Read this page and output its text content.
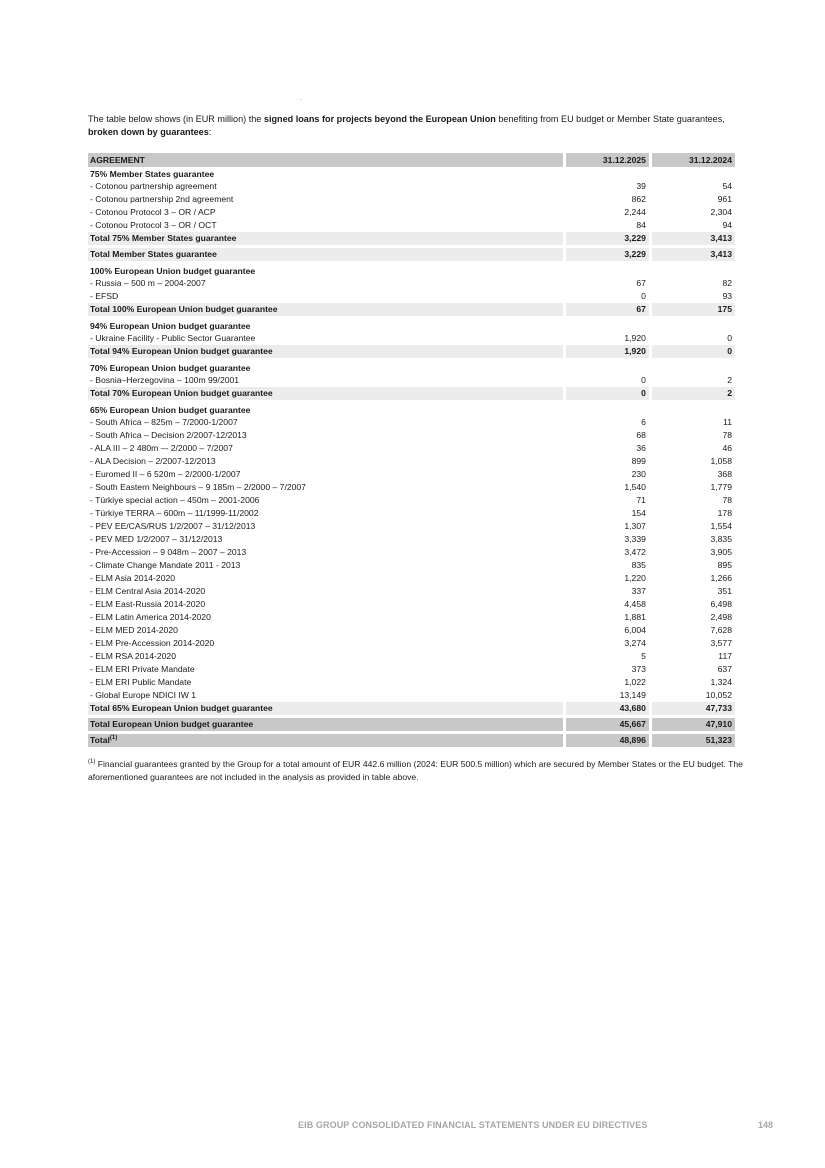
.
The table below shows (in EUR million) the signed loans for projects beyond the European Union benefiting from EU budget or Member State guarantees, broken down by guarantees:
AGREEMENT		31.12.2025		31.12.2024
75% Member States guarantee				
- Cotonou partnership agreement		39		54
- Cotonou partnership 2nd agreement		862		961
- Cotonou Protocol 3 – OR / ACP		2,244		2,304
- Cotonou Protocol 3 – OR / OCT		84		94
Total 75% Member States guarantee		3,229		3,413

Total Member States guarantee		3,229		3,413

100% European Union budget guarantee				
- Russia – 500 m – 2004-2007		67		82
- EFSD		0		93
Total 100% European Union budget guarantee		67		175

94% European Union budget guarantee				
- Ukraine Facility - Public Sector Guarantee		1,920		0
Total 94% European Union budget guarantee		1,920		0

70% European Union budget guarantee				
- Bosnia–Herzegovina – 100m 99/2001		0		2
Total 70% European Union budget guarantee		0		2

65% European Union budget guarantee				
- South Africa – 825m – 7/2000-1/2007		6		11
- South Africa – Decision 2/2007-12/2013		68		78
- ALA III – 2 480m –- 2/2000 – 7/2007		36		46
- ALA Decision – 2/2007-12/2013		899		1,058
- Euromed II – 6 520m – 2/2000-1/2007		230		368
- South Eastern Neighbours – 9 185m – 2/2000 – 7/2007		1,540		1,779
- Türkiye special action – 450m – 2001-2006		71		78
- Türkiye TERRA – 600m – 11/1999-11/2002		154		178
- PEV EE/CAS/RUS 1/2/2007 – 31/12/2013		1,307		1,554
- PEV MED 1/2/2007 – 31/12/2013		3,339		3,835
- Pre-Accession – 9 048m – 2007 – 2013		3,472		3,905
- Climate Change Mandate 2011 - 2013		835		895
- ELM Asia 2014-2020		1,220		1,266
- ELM Central Asia 2014-2020		337		351
- ELM East-Russia 2014-2020		4,458		6,498
- ELM Latin America 2014-2020		1,881		2,498
- ELM MED 2014-2020		6,004		7,628
- ELM Pre-Accession 2014-2020		3,274		3,577
- ELM RSA 2014-2020		5		117
- ELM ERI Private Mandate		373		637
- ELM ERI Public Mandate		1,022		1,324
- Global Europe NDICI IW 1		13,149		10,052
Total 65% European Union budget guarantee		43,680		47,733

Total European Union budget guarantee		45,667		47,910

Total$^{(1)}$		48,896		51,323
$^{(1)}$ Financial guarantees granted by the Group for a total amount of EUR 442.6 million (2024: EUR 500.5 million) which are secured by Member States or the EU budget. The aforementioned guarantees are not included in the analysis as provided in table above.
EIB GROUP CONSOLIDATED FINANCIAL STATEMENTS UNDER EU DIRECTIVES	148
